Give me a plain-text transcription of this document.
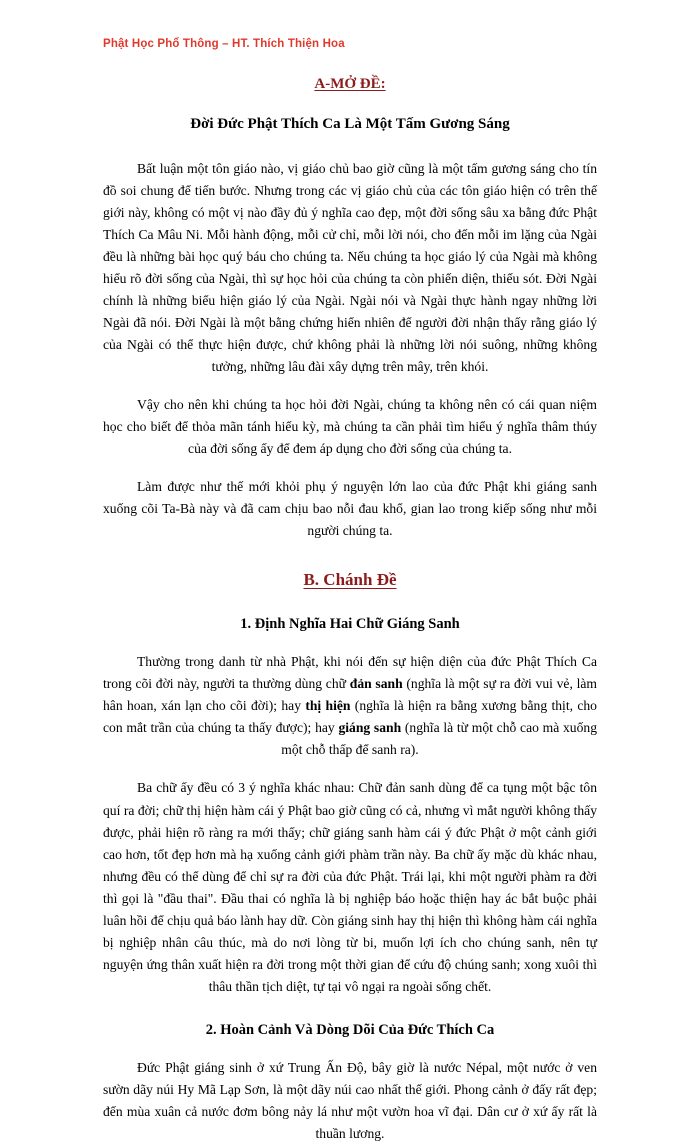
Phật Học Phổ Thông – HT. Thích Thiện Hoa
A-MỞ ĐỀ:
Đời Đức Phật Thích Ca Là Một Tấm Gương Sáng

Bất luận một tôn giáo nào, vị giáo chủ bao giờ cũng là một tấm gương sáng cho tín đồ soi chung để tiến bước. Nhưng trong các vị giáo chủ của các tôn giáo hiện có trên thế giới này, không có một vị nào đầy đủ ý nghĩa cao đẹp, một đời sống sâu xa bằng đức Phật Thích Ca Mâu Ni. Mỗi hành động, mỗi cử chỉ, mỗi lời nói, cho đến mỗi im lặng của Ngài đều là những bài học quý báu cho chúng ta. Nếu chúng ta học giáo lý của Ngài mà không hiểu rõ đời sống của Ngài, thì sự học hỏi của chúng ta còn phiến diện, thiếu sót. Đời Ngài chính là những biểu hiện giáo lý của Ngài. Ngài nói và Ngài thực hành ngay những lời Ngài đã nói. Đời Ngài là một bằng chứng hiển nhiên để người đời nhận thấy rằng giáo lý của Ngài có thể thực hiện được, chứ không phải là những lời nói suông, những không tưởng, những lâu đài xây dựng trên mây, trên khói.

Vậy cho nên khi chúng ta học hỏi đời Ngài, chúng ta không nên có cái quan niệm học cho biết để thỏa mãn tánh hiếu kỳ, mà chúng ta cần phải tìm hiểu ý nghĩa thâm thúy của đời sống ấy để đem áp dụng cho đời sống của chúng ta.

Làm được như thế mới khỏi phụ ý nguyện lớn lao của đức Phật khi giáng sanh xuống cõi Ta-Bà này và đã cam chịu bao nỗi đau khổ, gian lao trong kiếp sống như mỗi người chúng ta.

B. Chánh Đề
1. Định Nghĩa Hai Chữ Giáng Sanh

Thường trong danh từ nhà Phật, khi nói đến sự hiện diện của đức Phật Thích Ca trong cõi đời này, người ta thường dùng chữ đản sanh (nghĩa là một sự ra đời vui vẻ, làm hân hoan, xán lạn cho cõi đời); hay thị hiện (nghĩa là hiện ra bằng xương bằng thịt, cho con mắt trần của chúng ta thấy được); hay giáng sanh (nghĩa là từ một chỗ cao mà xuống một chỗ thấp để sanh ra).

Ba chữ ấy đều có 3 ý nghĩa khác nhau: Chữ đản sanh dùng để ca tụng một bậc tôn quí ra đời; chữ thị hiện hàm cái ý Phật bao giờ cũng có cả, nhưng vì mắt người không thấy được, phải hiện rõ ràng ra mới thấy; chữ giáng sanh hàm cái ý đức Phật ở một cảnh giới cao hơn, tốt đẹp hơn mà hạ xuống cảnh giới phàm trần này. Ba chữ ấy mặc dù khác nhau, nhưng đều có thể dùng để chỉ sự ra đời của đức Phật. Trái lại, khi một người phàm ra đời thì gọi là "đầu thai". Đầu thai có nghĩa là bị nghiệp báo hoặc thiện hay ác bắt buộc phải luân hồi để chịu quả báo lành hay dữ. Còn giáng sinh hay thị hiện thì không hàm cái nghĩa bị nghiệp nhân câu thúc, mà do nơi lòng từ bi, muốn lợi ích cho chúng sanh, nên tự nguyện ứng thân xuất hiện ra đời trong một thời gian để cứu độ chúng sanh; xong xuôi thì thâu thần tịch diệt, tự tại vô ngại ra ngoài sống chết.

2. Hoàn Cảnh Và Dòng Dõi Của Đức Thích Ca

Đức Phật giáng sinh ở xứ Trung Ấn Độ, bây giờ là nước Népal, một nước ở ven sườn dãy núi Hy Mã Lạp Sơn, là một dãy núi cao nhất thế giới. Phong cảnh ở đấy rất đẹp; đến mùa xuân cả nước đơm bông nảy lá như một vườn hoa vĩ đại. Dân cư ở xứ ấy rất là thuần lương.
